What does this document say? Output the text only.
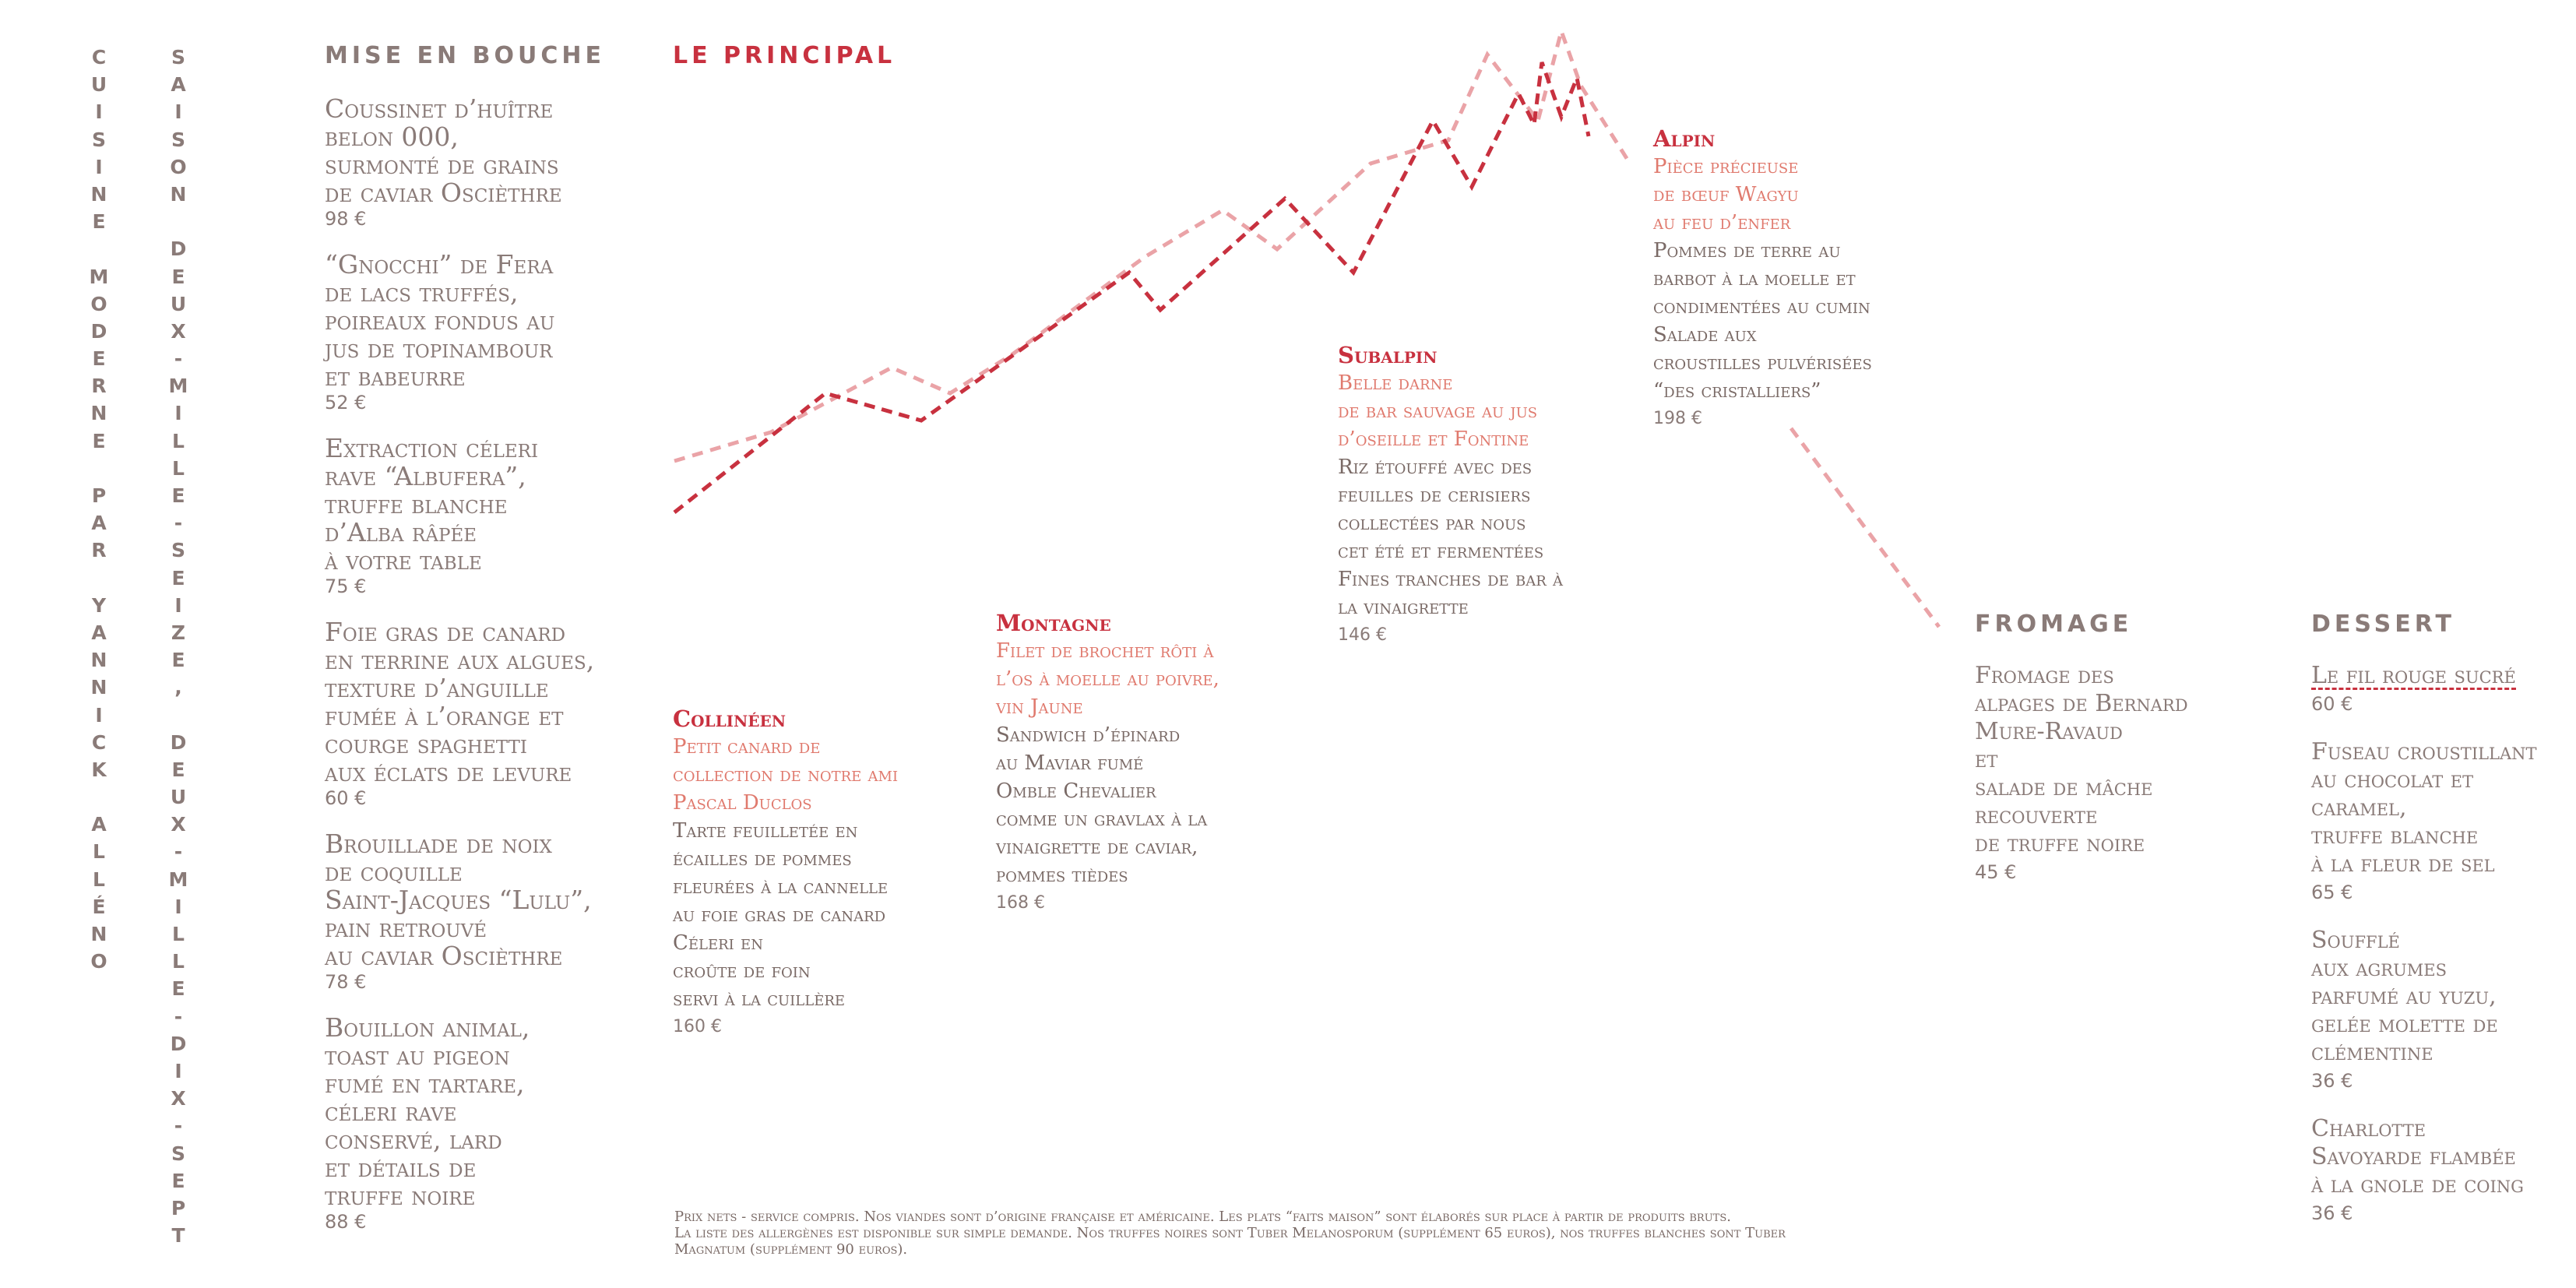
C
U
I
S
I
N
E

M
O
D
E
R
N
E

P
A
R

Y
A
N
N
I
C
K

A
L
L
É
N
O
S
A
I
S
O
N

D
E
U
X
-
M
I
L
L
E
-
S
E
I
Z
E
,

D
E
U
X
-
M
I
L
L
E
-
D
I
X
-
S
E
P
T
MISE EN BOUCHE
Coussinet d’huître
belon 000,
surmonté de grains
de caviar Oscièthre
98 €
“Gnocchi” de Fera
de lacs truffés,
poireaux fondus au
jus de topinambour
et babeurre
52 €
Extraction céleri
rave “Albufera”,
truffe blanche
d’Alba râpée
à votre table
75 €
Foie gras de canard
en terrine aux algues,
texture d’anguille
fumée à l’orange et
courge spaghetti
aux éclats de levure
60 €
Brouillade de noix
de coquille
Saint-Jacques “Lulu”,
pain retrouvé
au caviar Oscièthre
78 €
Bouillon animal,
toast au pigeon
fumé en tartare,
céleri rave
conservé, lard
et détails de
truffe noire
88 €
LE PRINCIPAL
Collinéen
Petit canard de
collection de notre ami
Pascal Duclos
Tarte feuilletée en
écailles de pommes
fleurées à la cannelle
au foie gras de canard
Céleri en
croûte de foin
servi à la cuillère
160 €
Montagne
Filet de brochet rôti à
l’os à moelle au poivre,
vin Jaune
Sandwich d’épinard
au Maviar fumé
Omble Chevalier
comme un gravlax à la
vinaigrette de caviar,
pommes tièdes
168 €
Subalpin
Belle darne
de bar sauvage au jus
d’oseille et Fontine
Riz étouffé avec des
feuilles de cerisiers
collectées par nous
cet été et fermentées
Fines tranches de bar à
la vinaigrette
146 €
Alpin
Pièce précieuse
de bœuf Wagyu
au feu d’enfer
Pommes de terre au
barbot à la moelle et
condimentées au cumin
Salade aux
croustilles pulvérisées
“des cristalliers”
198 €
FROMAGE
Fromage des
alpages de Bernard
Mure-Ravaud
et
salade de mâche
recouverte
de truffe noire
45 €
DESSERT
Le fil rouge sucré
60 €
Fuseau croustillant
au chocolat et
caramel,
truffe blanche
à la fleur de sel
65 €
Soufflé
aux agrumes
parfumé au yuzu,
gelée molette de
clémentine
36 €
Charlotte
Savoyarde flambée
à la gnole de coing
36 €
Prix nets - service compris. Nos viandes sont d’origine française et américaine. Les plats “faits maison” sont élaborés sur place à partir de produits bruts.
La liste des allergènes est disponible sur simple demande. Nos truffes noires sont Tuber Melanosporum (supplément 65 euros), nos truffes blanches sont Tuber
Magnatum (supplément 90 euros).
